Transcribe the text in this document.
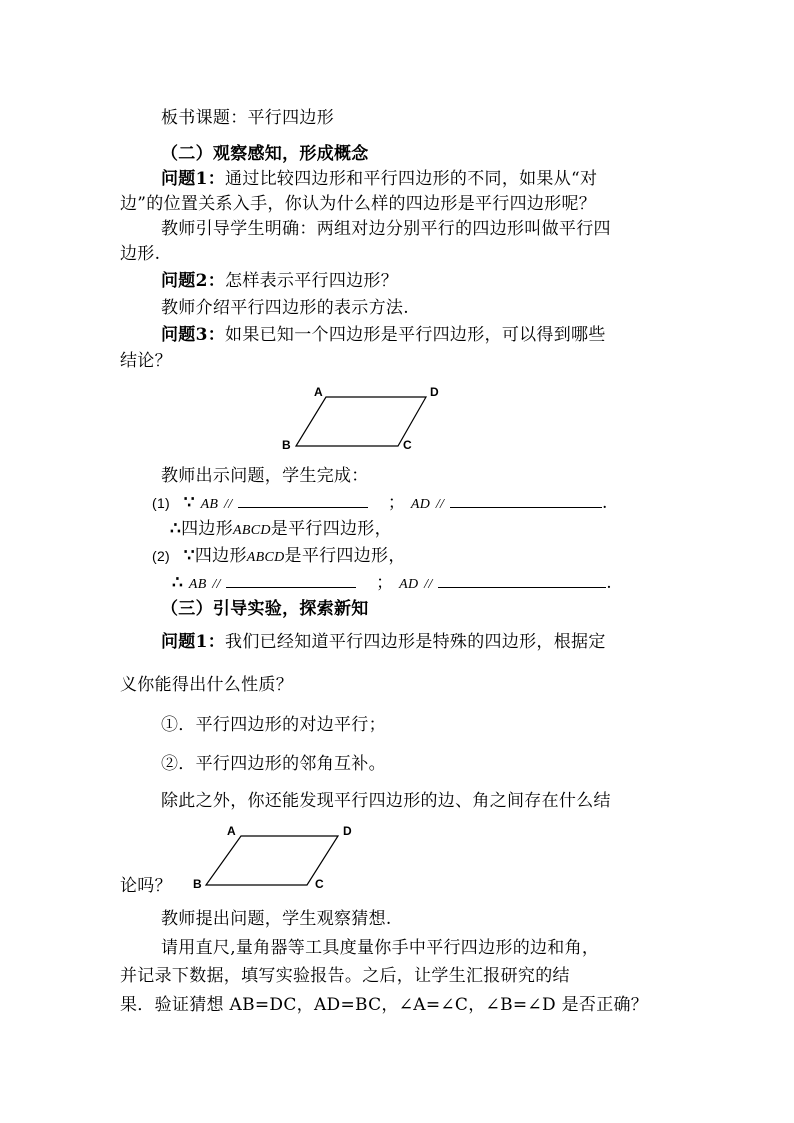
板书课题：平行四边形
（二）观察感知，形成概念
问题1：通过比较四边形和平行四边形的不同，如果从“对
边”的位置关系入手，你认为什么样的四边形是平行四边形呢？
教师引导学生明确：两组对边分别平行的四边形叫做平行四
边形.
问题2：怎样表示平行四边形？
教师介绍平行四边形的表示方法.
问题3：如果已知一个四边形是平行四边形，可以得到哪些
结论？
A	D
B	C
教师出示问题，学生完成：
(1) ∵ AB //	； AD //	.
∴四边形ABCD是平行四边形，
(2) ∵四边形ABCD是平行四边形，
∴ AB //	； AD //	.
（三）引导实验，探索新知
问题1：我们已经知道平行四边形是特殊的四边形，根据定
义你能得出什么性质？
①．平行四边形的对边平行；
②．平行四边形的邻角互补。
除此之外，你还能发现平行四边形的边、角之间存在什么结
A	D
B	C
论吗？
教师提出问题，学生观察猜想.
请用直尺,量角器等工具度量你手中平行四边形的边和角，
并记录下数据，填写实验报告。之后，让学生汇报研究的结
果．验证猜想 AB=DC，AD=BC，∠A=∠C，∠B=∠D 是否正确？
